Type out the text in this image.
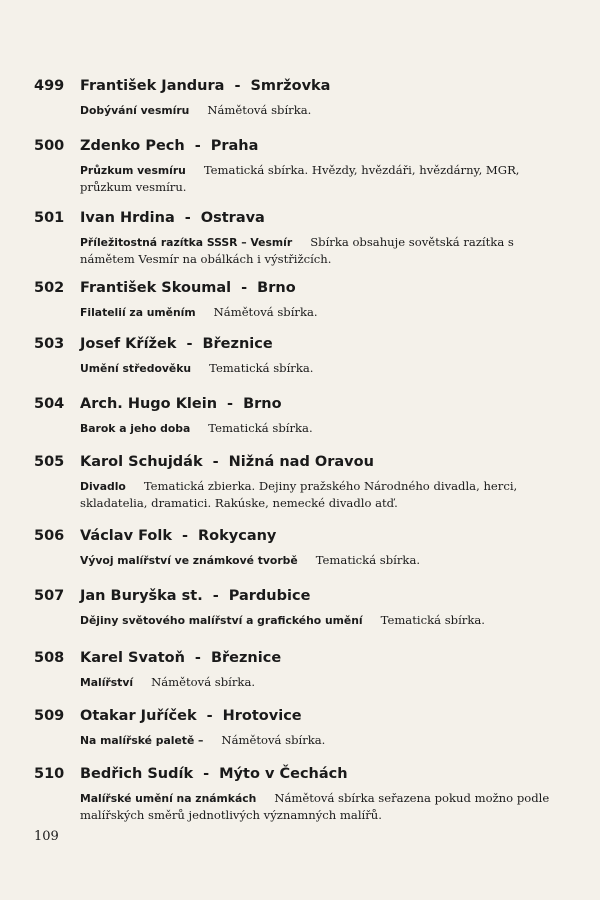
499 František Jandura - Smržovka
Dobývání vesmíru Námětová sbírka.
500 Zdenko Pech - Praha
Průzkum vesmíru Tematická sbírka. Hvězdy, hvězdáři, hvězdárny, MGR, průzkum vesmíru.
501 Ivan Hrdina - Ostrava
Příležitostná razítka SSSR – Vesmír Sbírka obsahuje sovětská razítka s námětem Vesmír na obálkách i výstřižcích.
502 František Skoumal - Brno
Filatelií za uměním Námětová sbírka.
503 Josef Křížek - Březnice
Umění středověku Tematická sbírka.
504 Arch. Hugo Klein - Brno
Barok a jeho doba Tematická sbírka.
505 Karol Schujdák - Nižná nad Oravou
Divadlo Tematická zbierka. Dejiny pražského Národného divadla, herci, skladatelia, dramatici. Rakúske, nemecké divadlo atď.
506 Václav Folk - Rokycany
Vývoj malířství ve známkové tvorbě Tematická sbírka.
507 Jan Buryška st. - Pardubice
Dějiny světového malířství a grafického umění Tematická sbírka.
508 Karel Svatoň - Březnice
Malířství Námětová sbírka.
509 Otakar Juříček - Hrotovice
Na malířské paletě – Námětová sbírka.
510 Bedřich Sudík - Mýto v Čechách
Malířské umění na známkách Námětová sbírka seřazena pokud možno podle malířských směrů jednotlivých významných malířů.
109
